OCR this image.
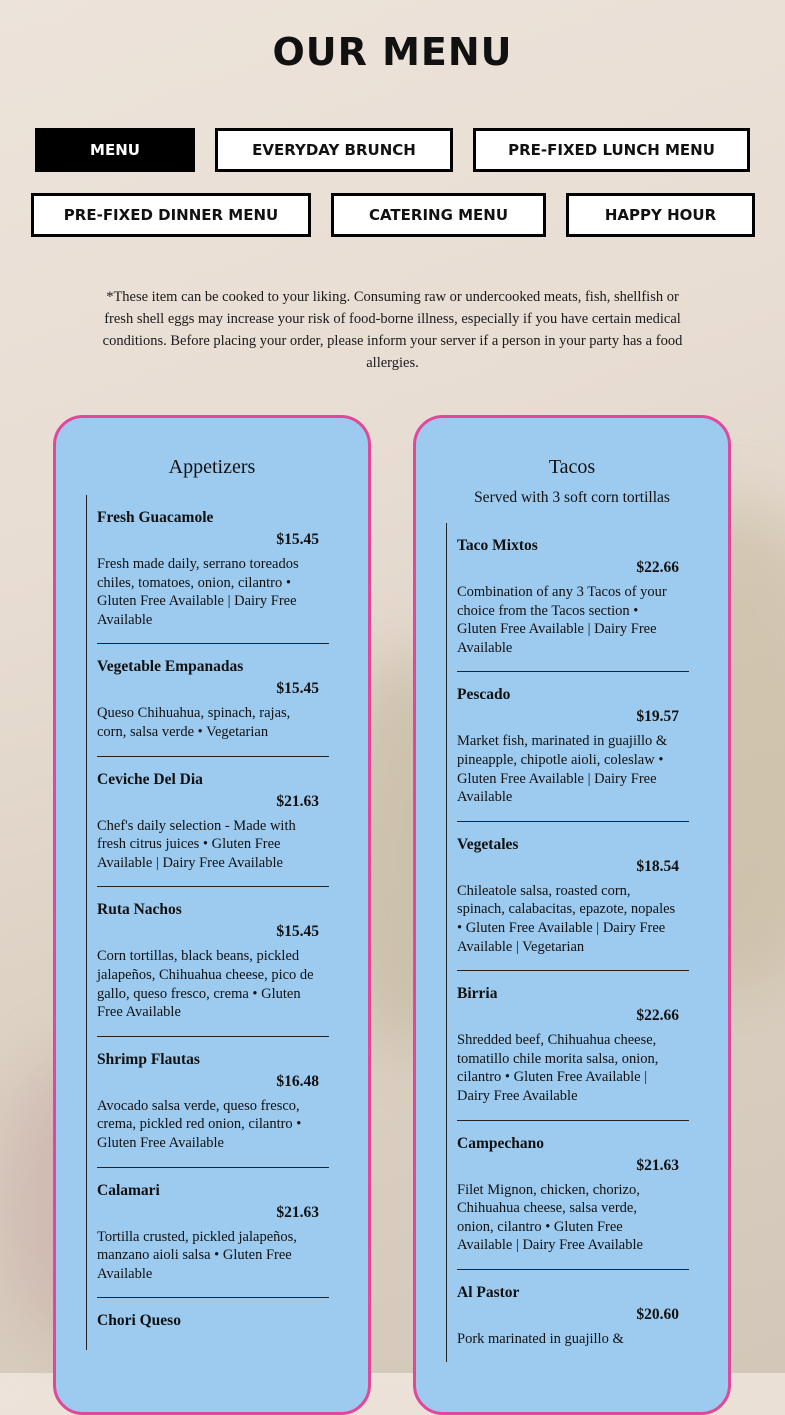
OUR MENU
MENU	EVERYDAY BRUNCH	PRE-FIXED LUNCH MENU
PRE-FIXED DINNER MENU	CATERING MENU	HAPPY HOUR

*These item can be cooked to your liking. Consuming raw or undercooked meats, fish, shellfish or fresh shell eggs may increase your risk of food-borne illness, especially if you have certain medical conditions. Before placing your order, please inform your server if a person in your party has a food allergies.

Appetizers
Fresh Guacamole
$15.45
Fresh made daily, serrano toreados chiles, tomatoes, onion, cilantro • Gluten Free Available | Dairy Free Available
Vegetable Empanadas
$15.45
Queso Chihuahua, spinach, rajas, corn, salsa verde • Vegetarian
Ceviche Del Dia
$21.63
Chef's daily selection - Made with fresh citrus juices • Gluten Free Available | Dairy Free Available
Ruta Nachos
$15.45
Corn tortillas, black beans, pickled jalapeños, Chihuahua cheese, pico de gallo, queso fresco, crema • Gluten Free Available
Shrimp Flautas
$16.48
Avocado salsa verde, queso fresco, crema, pickled red onion, cilantro • Gluten Free Available
Calamari
$21.63
Tortilla crusted, pickled jalapeños, manzano aioli salsa • Gluten Free Available
Chori Queso
Tacos

Served with 3 soft corn tortillas

Taco Mixtos
$22.66
Combination of any 3 Tacos of your choice from the Tacos section • Gluten Free Available | Dairy Free Available
Pescado
$19.57
Market fish, marinated in guajillo & pineapple, chipotle aioli, coleslaw • Gluten Free Available | Dairy Free Available
Vegetales
$18.54
Chileatole salsa, roasted corn, spinach, calabacitas, epazote, nopales • Gluten Free Available | Dairy Free Available | Vegetarian
Birria
$22.66
Shredded beef, Chihuahua cheese, tomatillo chile morita salsa, onion, cilantro • Gluten Free Available | Dairy Free Available
Campechano
$21.63
Filet Mignon, chicken, chorizo, Chihuahua cheese, salsa verde, onion, cilantro • Gluten Free Available | Dairy Free Available
Al Pastor
$20.60
Pork marinated in guajillo &
